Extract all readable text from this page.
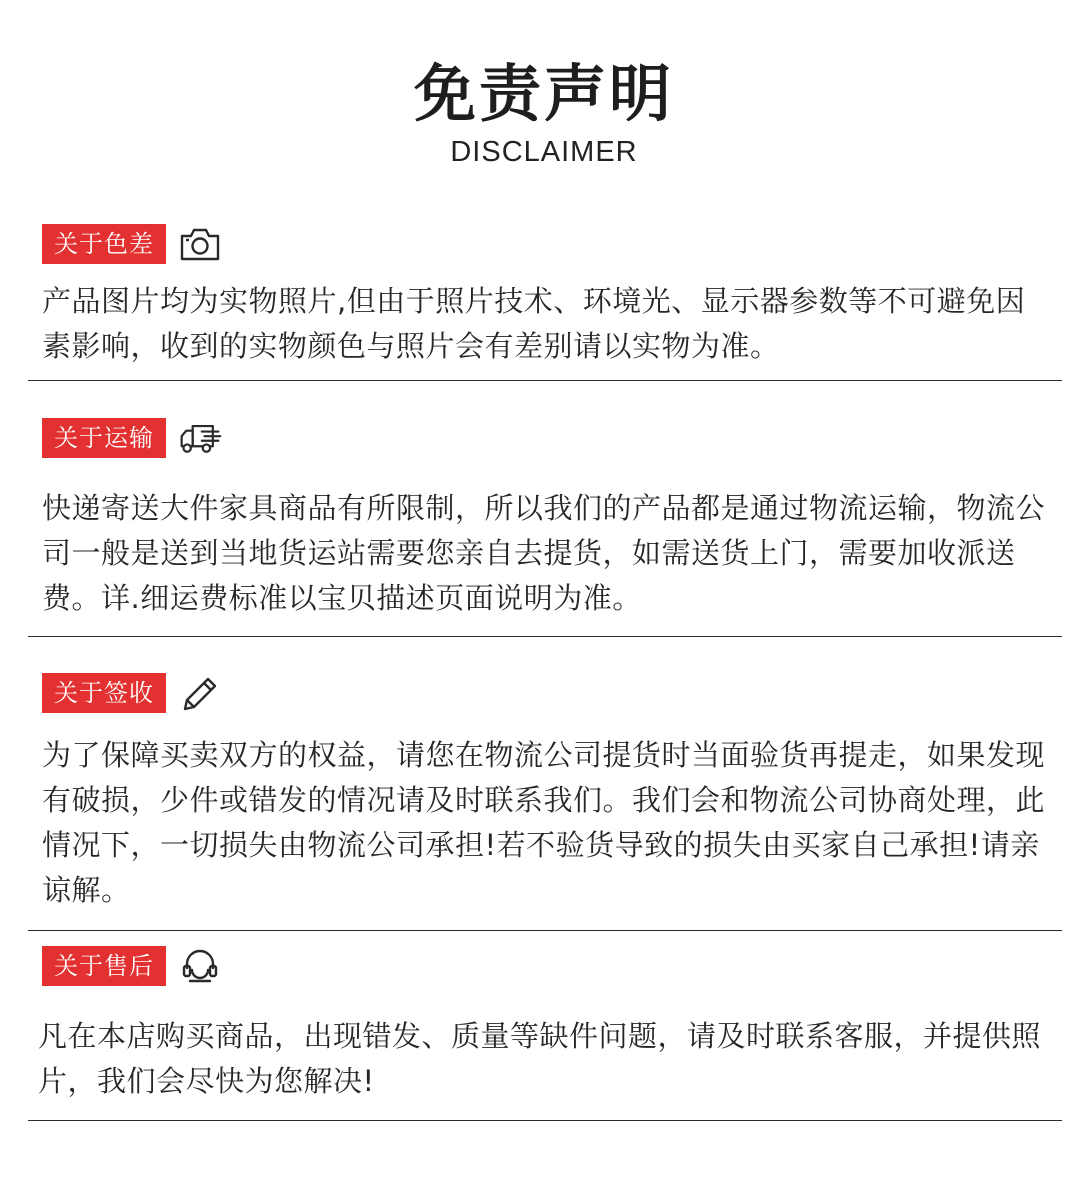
免责声明
DISCLAIMER
关于色差
产品图片均为实物照片,但由于照片技术、环境光、显示器参数等不可避免因素影响，收到的实物颜色与照片会有差别请以实物为准。
关于运输
快递寄送大件家具商品有所限制，所以我们的产品都是通过物流运输，物流公司一般是送到当地货运站需要您亲自去提货，如需送货上门，需要加收派送费。详.细运费标准以宝贝描述页面说明为准。
关于签收
为了保障买卖双方的权益，请您在物流公司提货时当面验货再提走，如果发现有破损，少件或错发的情况请及时联系我们。我们会和物流公司协商处理，此情况下，一切损失由物流公司承担!若不验货导致的损失由买家自己承担!请亲谅解。
关于售后
凡在本店购买商品，出现错发、质量等缺件问题，请及时联系客服，并提供照片，我们会尽快为您解决!
